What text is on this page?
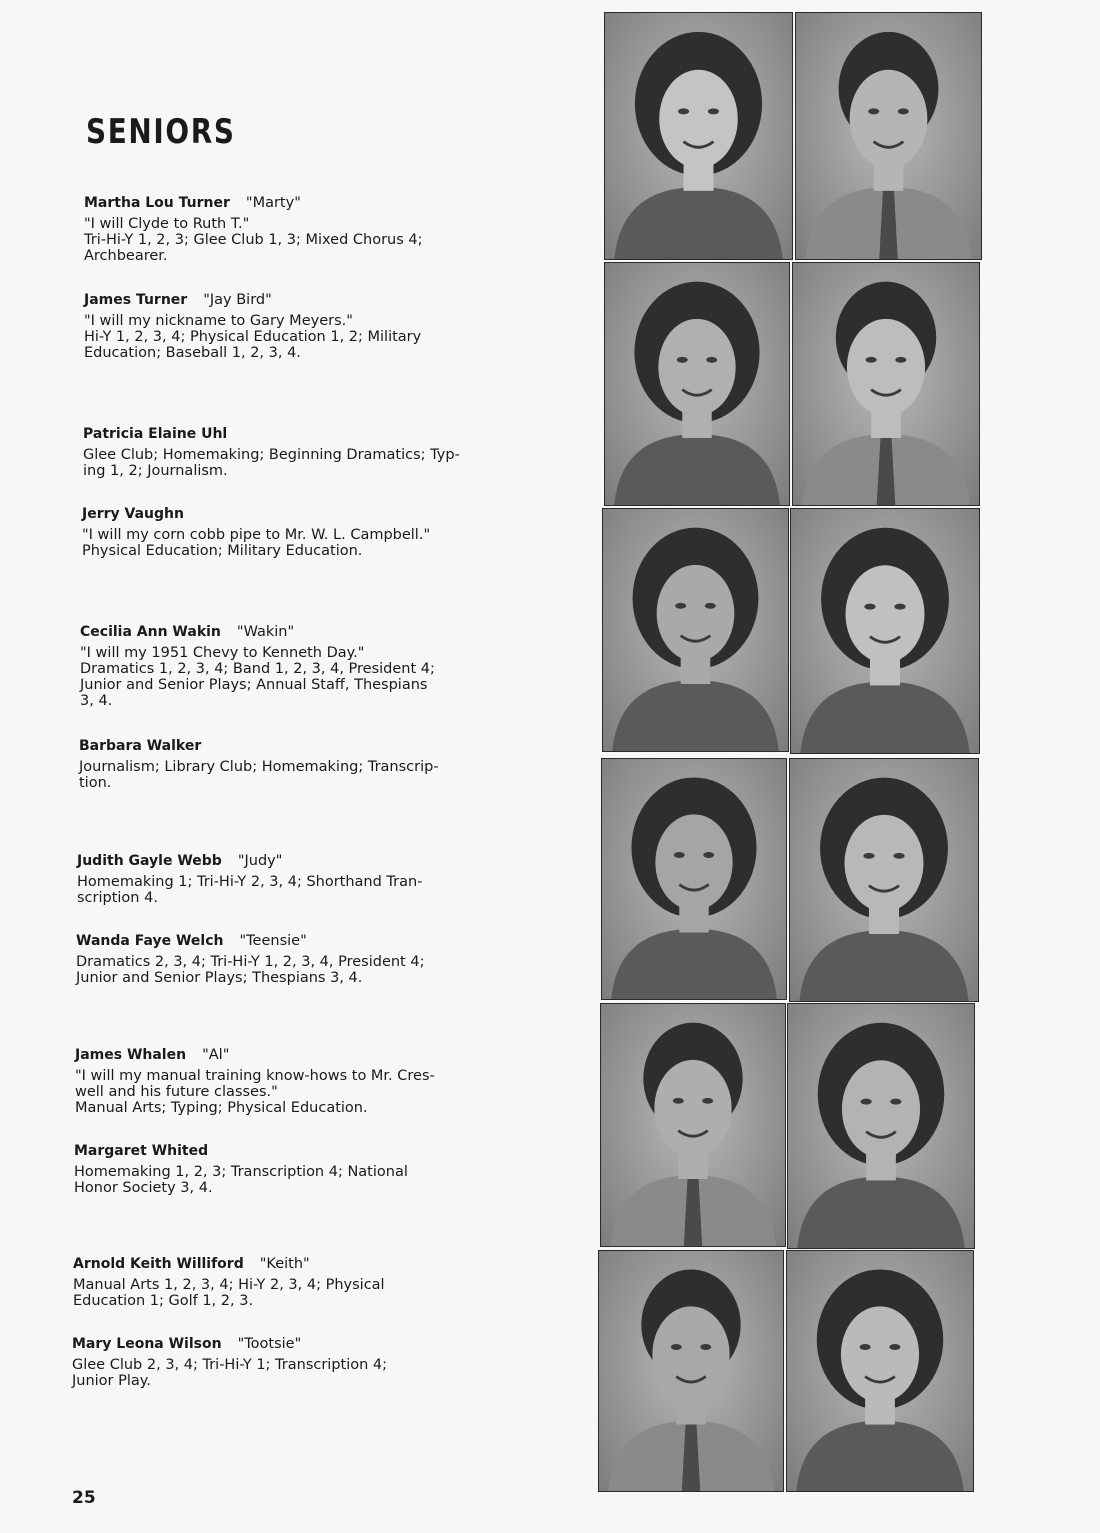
SENIORS
Martha Lou Turner "Marty"
"I will Clyde to Ruth T."
Tri-Hi-Y 1, 2, 3; Glee Club 1, 3; Mixed Chorus 4;
Archbearer.
James Turner "Jay Bird"
"I will my nickname to Gary Meyers."
Hi-Y 1, 2, 3, 4; Physical Education 1, 2; Military
Education; Baseball 1, 2, 3, 4.
Patricia Elaine Uhl
Glee Club; Homemaking; Beginning Dramatics; Typ-
ing 1, 2; Journalism.
Jerry Vaughn
"I will my corn cobb pipe to Mr. W. L. Campbell."
Physical Education; Military Education.
Cecilia Ann Wakin "Wakin"
"I will my 1951 Chevy to Kenneth Day."
Dramatics 1, 2, 3, 4; Band 1, 2, 3, 4, President 4;
Junior and Senior Plays; Annual Staff, Thespians
3, 4.
Barbara Walker
Journalism; Library Club; Homemaking; Transcrip-
tion.
Judith Gayle Webb "Judy"
Homemaking 1; Tri-Hi-Y 2, 3, 4; Shorthand Tran-
scription 4.
Wanda Faye Welch "Teensie"
Dramatics 2, 3, 4; Tri-Hi-Y 1, 2, 3, 4, President 4;
Junior and Senior Plays; Thespians 3, 4.
James Whalen "Al"
"I will my manual training know-hows to Mr. Cres-
well and his future classes."
Manual Arts; Typing; Physical Education.
Margaret Whited
Homemaking 1, 2, 3; Transcription 4; National
Honor Society 3, 4.
Arnold Keith Williford "Keith"
Manual Arts 1, 2, 3, 4; Hi-Y 2, 3, 4; Physical
Education 1; Golf 1, 2, 3.
Mary Leona Wilson "Tootsie"
Glee Club 2, 3, 4; Tri-Hi-Y 1; Transcription 4;
Junior Play.
25
